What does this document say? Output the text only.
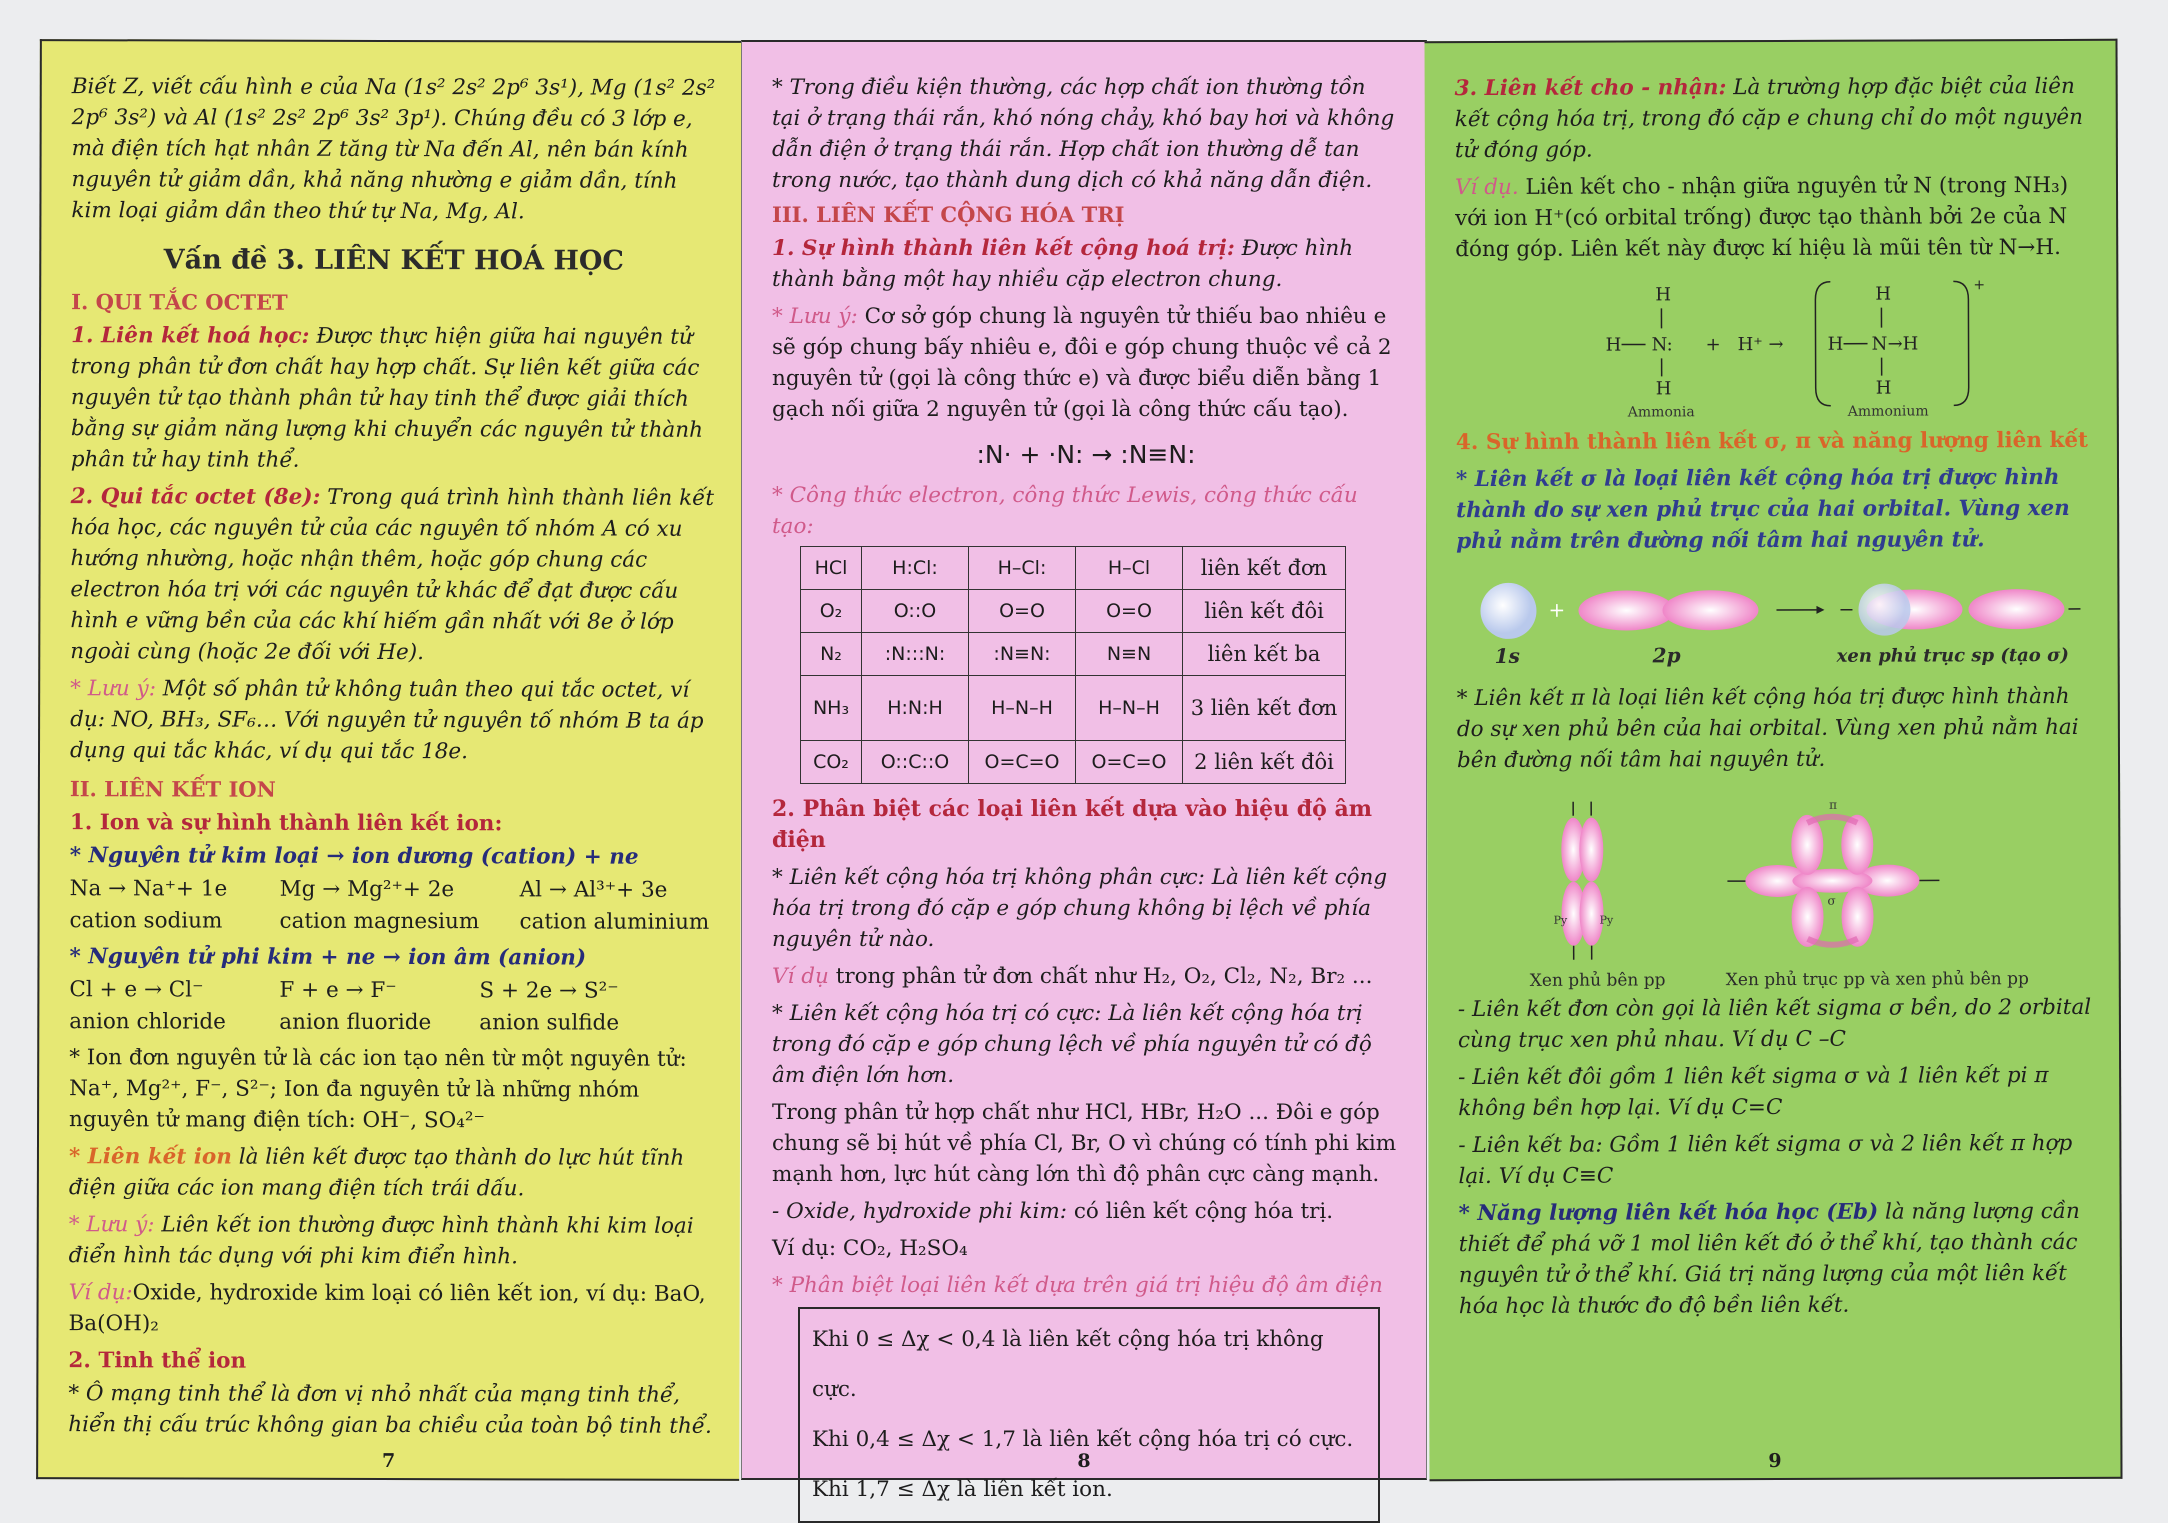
Biết Z, viết cấu hình e của Na (1s² 2s² 2p⁶ 3s¹), Mg (1s² 2s² 2p⁶ 3s²) và Al (1s² 2s² 2p⁶ 3s² 3p¹). Chúng đều có 3 lớp e, mà điện tích hạt nhân Z tăng từ Na đến Al, nên bán kính nguyên tử giảm dần, khả năng nhường e giảm dần, tính kim loại giảm dần theo thứ tự Na, Mg, Al.

Vấn đề 3. LIÊN KẾT HOÁ HỌC
I. QUI TẮC OCTET

1. Liên kết hoá học: Được thực hiện giữa hai nguyên tử trong phân tử đơn chất hay hợp chất. Sự liên kết giữa các nguyên tử tạo thành phân tử hay tinh thể được giải thích bằng sự giảm năng lượng khi chuyển các nguyên tử thành phân tử hay tinh thể.

2. Qui tắc octet (8e): Trong quá trình hình thành liên kết hóa học, các nguyên tử của các nguyên tố nhóm A có xu hướng nhường, hoặc nhận thêm, hoặc góp chung các electron hóa trị với các nguyên tử khác để đạt được cấu hình e vững bền của các khí hiếm gần nhất với 8e ở lớp ngoài cùng (hoặc 2e đối với He).

* Lưu ý: Một số phân tử không tuân theo qui tắc octet, ví dụ: NO, BH₃, SF₆… Với nguyên tử nguyên tố nhóm B ta áp dụng qui tắc khác, ví dụ qui tắc 18e.

II. LIÊN KẾT ION

1. Ion và sự hình thành liên kết ion:

* Nguyên tử kim loại → ion dương (cation) + ne

Na → Na⁺+ 1e	Mg → Mg²⁺+ 2e	Al → Al³⁺+ 3e
cation sodium	cation magnesium	cation aluminium

* Nguyên tử phi kim + ne → ion âm (anion)

Cl + e → Cl⁻	F + e → F⁻	S + 2e → S²⁻
anion chloride	anion fluoride	anion sulfide

* Ion đơn nguyên tử là các ion tạo nên từ một nguyên tử: Na⁺, Mg²⁺, F⁻, S²⁻; Ion đa nguyên tử là những nhóm nguyên tử mang điện tích: OH⁻, SO₄²⁻

* Liên kết ion là liên kết được tạo thành do lực hút tĩnh điện giữa các ion mang điện tích trái dấu.

* Lưu ý: Liên kết ion thường được hình thành khi kim loại điển hình tác dụng với phi kim điển hình.

Ví dụ:Oxide, hydroxide kim loại có liên kết ion, ví dụ: BaO, Ba(OH)₂

2. Tinh thể ion

* Ô mạng tinh thể là đơn vị nhỏ nhất của mạng tinh thể, hiển thị cấu trúc không gian ba chiều của toàn bộ tinh thể.

7

* Trong điều kiện thường, các hợp chất ion thường tồn tại ở trạng thái rắn, khó nóng chảy, khó bay hơi và không dẫn điện ở trạng thái rắn. Hợp chất ion thường dễ tan trong nước, tạo thành dung dịch có khả năng dẫn điện.

III. LIÊN KẾT CỘNG HÓA TRỊ

1. Sự hình thành liên kết cộng hoá trị: Được hình thành bằng một hay nhiều cặp electron chung.

* Lưu ý: Cơ sở góp chung là nguyên tử thiếu bao nhiêu e sẽ góp chung bấy nhiêu e, đôi e góp chung thuộc về cả 2 nguyên tử (gọi là công thức e) và được biểu diễn bằng 1 gạch nối giữa 2 nguyên tử (gọi là công thức cấu tạo).

:N· + ·N: → :N≡N:

* Công thức electron, công thức Lewis, công thức cấu tạo:

HCl	H:Cl:	H–Cl:	H–Cl	liên kết đơn
O₂	O::O	O=O	O=O	liên kết đôi
N₂	:N:::N:	:N≡N:	N≡N	liên kết ba
NH₃	H:N:H	H–N–H	H–N–H	3 liên kết đơn
CO₂	O::C::O	O=C=O	O=C=O	2 liên kết đôi

2. Phân biệt các loại liên kết dựa vào hiệu độ âm điện

* Liên kết cộng hóa trị không phân cực: Là liên kết cộng hóa trị trong đó cặp e góp chung không bị lệch về phía nguyên tử nào.

Ví dụ trong phân tử đơn chất như H₂, O₂, Cl₂, N₂, Br₂ ...

* Liên kết cộng hóa trị có cực: Là liên kết cộng hóa trị trong đó cặp e góp chung lệch về phía nguyên tử có độ âm điện lớn hơn.

Trong phân tử hợp chất như HCl, HBr, H₂O ... Đôi e góp chung sẽ bị hút về phía Cl, Br, O vì chúng có tính phi kim mạnh hơn, lực hút càng lớn thì độ phân cực càng mạnh.

- Oxide, hydroxide phi kim: có liên kết cộng hóa trị.

Ví dụ: CO₂, H₂SO₄

* Phân biệt loại liên kết dựa trên giá trị hiệu độ âm điện

Khi 0 ≤ Δχ < 0,4 là liên kết cộng hóa trị không cực.

Khi 0,4 ≤ Δχ < 1,7 là liên kết cộng hóa trị có cực.

Khi 1,7 ≤ Δχ là liên kết ion.

8

3. Liên kết cho - nhận: Là trường hợp đặc biệt của liên kết cộng hóa trị, trong đó cặp e chung chỉ do một nguyên tử đóng góp.

Ví dụ. Liên kết cho - nhận giữa nguyên tử N (trong NH₃) với ion H⁺(có orbital trống) được tạo thành bởi 2e của N đóng góp. Liên kết này được kí hiệu là mũi tên từ N→H.

H
H N:
H
+ H⁺ →
H
H N →H
H
+
Ammonia	Ammonium

4. Sự hình thành liên kết σ, π và năng lượng liên kết

* Liên kết σ là loại liên kết cộng hóa trị được hình thành do sự xen phủ trục của hai orbital. Vùng xen phủ nằm trên đường nối tâm hai nguyên tử.

+
1s	2p	xen phủ trục sp (tạo σ)

* Liên kết π là loại liên kết cộng hóa trị được hình thành do sự xen phủ bên của hai orbital. Vùng xen phủ nằm hai bên đường nối tâm hai nguyên tử.

Py	Py
π
σ
Xen phủ bên pp	Xen phủ trục pp và xen phủ bên pp

- Liên kết đơn còn gọi là liên kết sigma σ bền, do 2 orbital cùng trục xen phủ nhau. Ví dụ C –C

- Liên kết đôi gồm 1 liên kết sigma σ và 1 liên kết pi π không bền hợp lại. Ví dụ C=C

- Liên kết ba: Gồm 1 liên kết sigma σ và 2 liên kết π hợp lại. Ví dụ C≡C

* Năng lượng liên kết hóa học (Eb) là năng lượng cần thiết để phá vỡ 1 mol liên kết đó ở thể khí, tạo thành các nguyên tử ở thể khí. Giá trị năng lượng của một liên kết hóa học là thước đo độ bền liên kết.

9
